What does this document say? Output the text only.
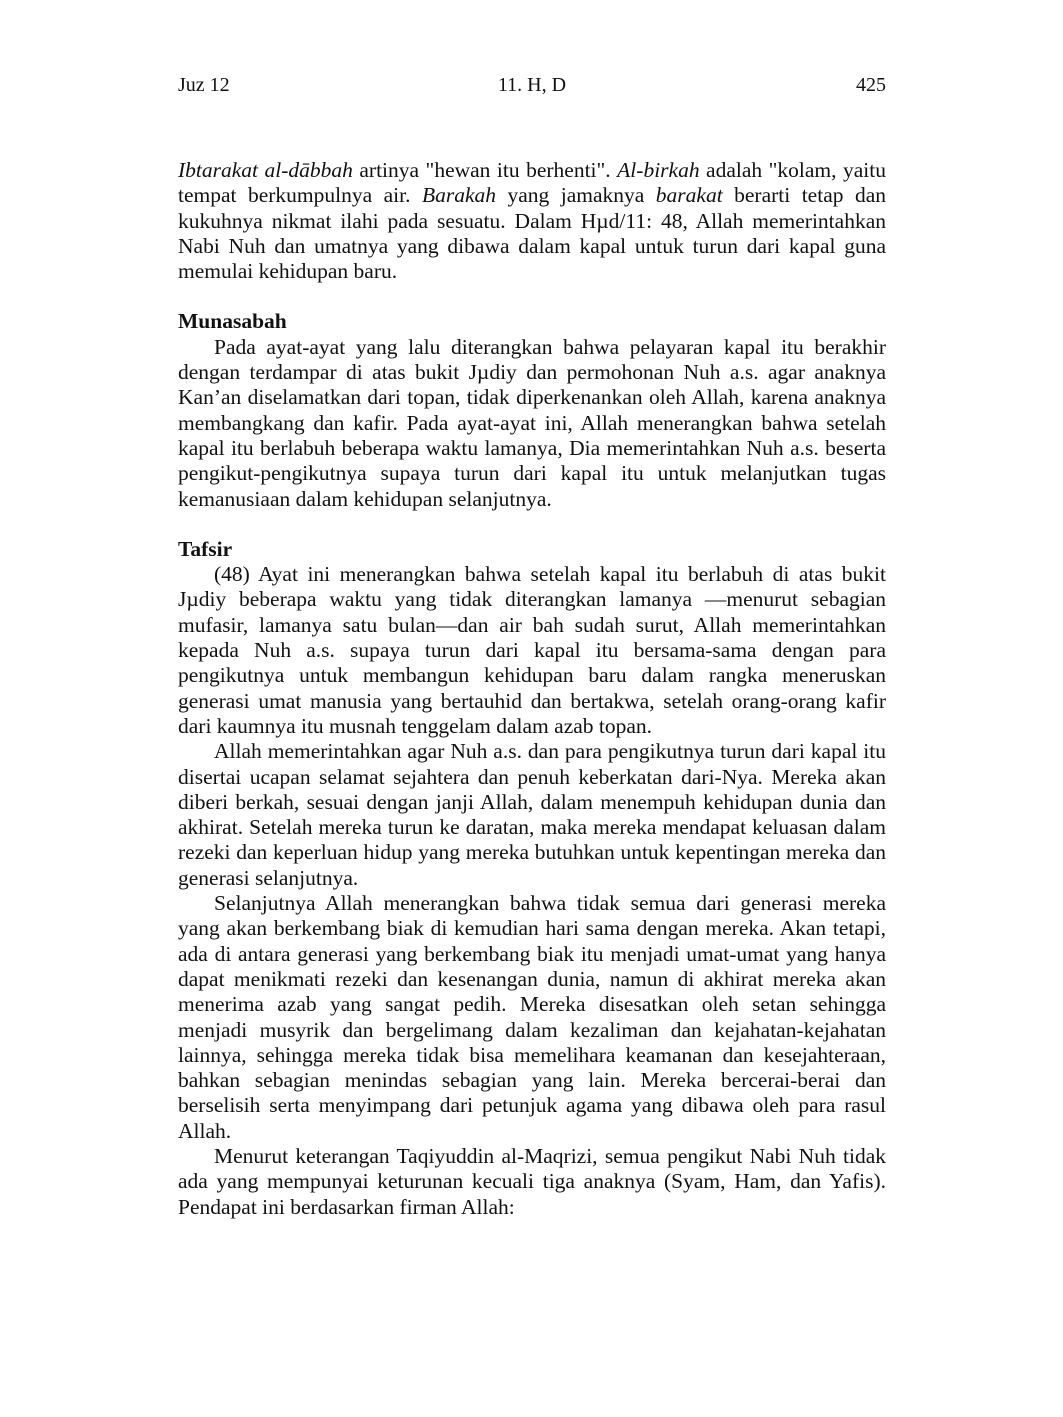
Juz 12	11. H, D	425

Ibtarakat al-dābbah artinya "hewan itu berhenti". Al-birkah adalah "kolam, yaitu tempat berkumpulnya air. Barakah yang jamaknya barakat berarti tetap dan kukuhnya nikmat ilahi pada sesuatu. Dalam Hµd/11: 48, Allah memerintahkan Nabi Nuh dan umatnya yang dibawa dalam kapal untuk turun dari kapal guna memulai kehidupan baru.

Munasabah

Pada ayat-ayat yang lalu diterangkan bahwa pelayaran kapal itu berakhir dengan terdampar di atas bukit Jµdiy dan permohonan Nuh a.s. agar anaknya Kan’an diselamatkan dari topan, tidak diperkenankan oleh Allah, karena anaknya membangkang dan kafir. Pada ayat-ayat ini, Allah menerangkan bahwa setelah kapal itu berlabuh beberapa waktu lamanya, Dia memerintahkan Nuh a.s. beserta pengikut-pengikutnya supaya turun dari kapal itu untuk melanjutkan tugas kemanusiaan dalam kehidupan selanjutnya.

Tafsir

(48) Ayat ini menerangkan bahwa setelah kapal itu berlabuh di atas bukit Jµdiy beberapa waktu yang tidak diterangkan lamanya —menurut sebagian mufasir, lamanya satu bulan—dan air bah sudah surut, Allah memerintahkan kepada Nuh a.s. supaya turun dari kapal itu bersama-sama dengan para pengikutnya untuk membangun kehidupan baru dalam rangka meneruskan generasi umat manusia yang bertauhid dan bertakwa, setelah orang-orang kafir dari kaumnya itu musnah tenggelam dalam azab topan.

Allah memerintahkan agar Nuh a.s. dan para pengikutnya turun dari kapal itu disertai ucapan selamat sejahtera dan penuh keberkatan dari-Nya. Mereka akan diberi berkah, sesuai dengan janji Allah, dalam menempuh kehidupan dunia dan akhirat. Setelah mereka turun ke daratan, maka mereka mendapat keluasan dalam rezeki dan keperluan hidup yang mereka butuhkan untuk kepentingan mereka dan generasi selanjutnya.

Selanjutnya Allah menerangkan bahwa tidak semua dari generasi mereka yang akan berkembang biak di kemudian hari sama dengan mereka. Akan tetapi, ada di antara generasi yang berkembang biak itu menjadi umat-umat yang hanya dapat menikmati rezeki dan kesenangan dunia, namun di akhirat mereka akan menerima azab yang sangat pedih. Mereka disesatkan oleh setan sehingga menjadi musyrik dan bergelimang dalam kezaliman dan kejahatan-kejahatan lainnya, sehingga mereka tidak bisa memelihara keamanan dan kesejahteraan, bahkan sebagian menindas sebagian yang lain. Mereka bercerai-berai dan berselisih serta menyimpang dari petunjuk agama yang dibawa oleh para rasul Allah.

Menurut keterangan Taqiyuddin al-Maqrizi, semua pengikut Nabi Nuh tidak ada yang mempunyai keturunan kecuali tiga anaknya (Syam, Ham, dan Yafis). Pendapat ini berdasarkan firman Allah:
